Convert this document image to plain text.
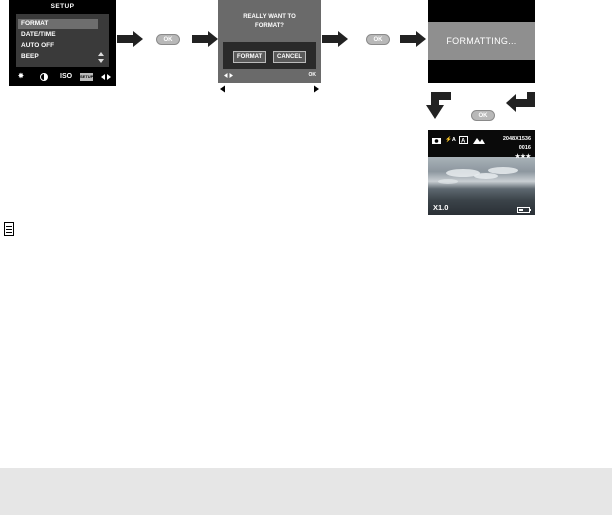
SETUP
FORMAT
DATE/TIME
AUTO OFF
BEEP
✸	ISO SETUP
OK
REALLY WANT TO
FORMAT?
FORMAT	CANCEL
OK
OK	FORMATTING...
OK
⚡A A	2048X1536
0016
★★★
X1.0
